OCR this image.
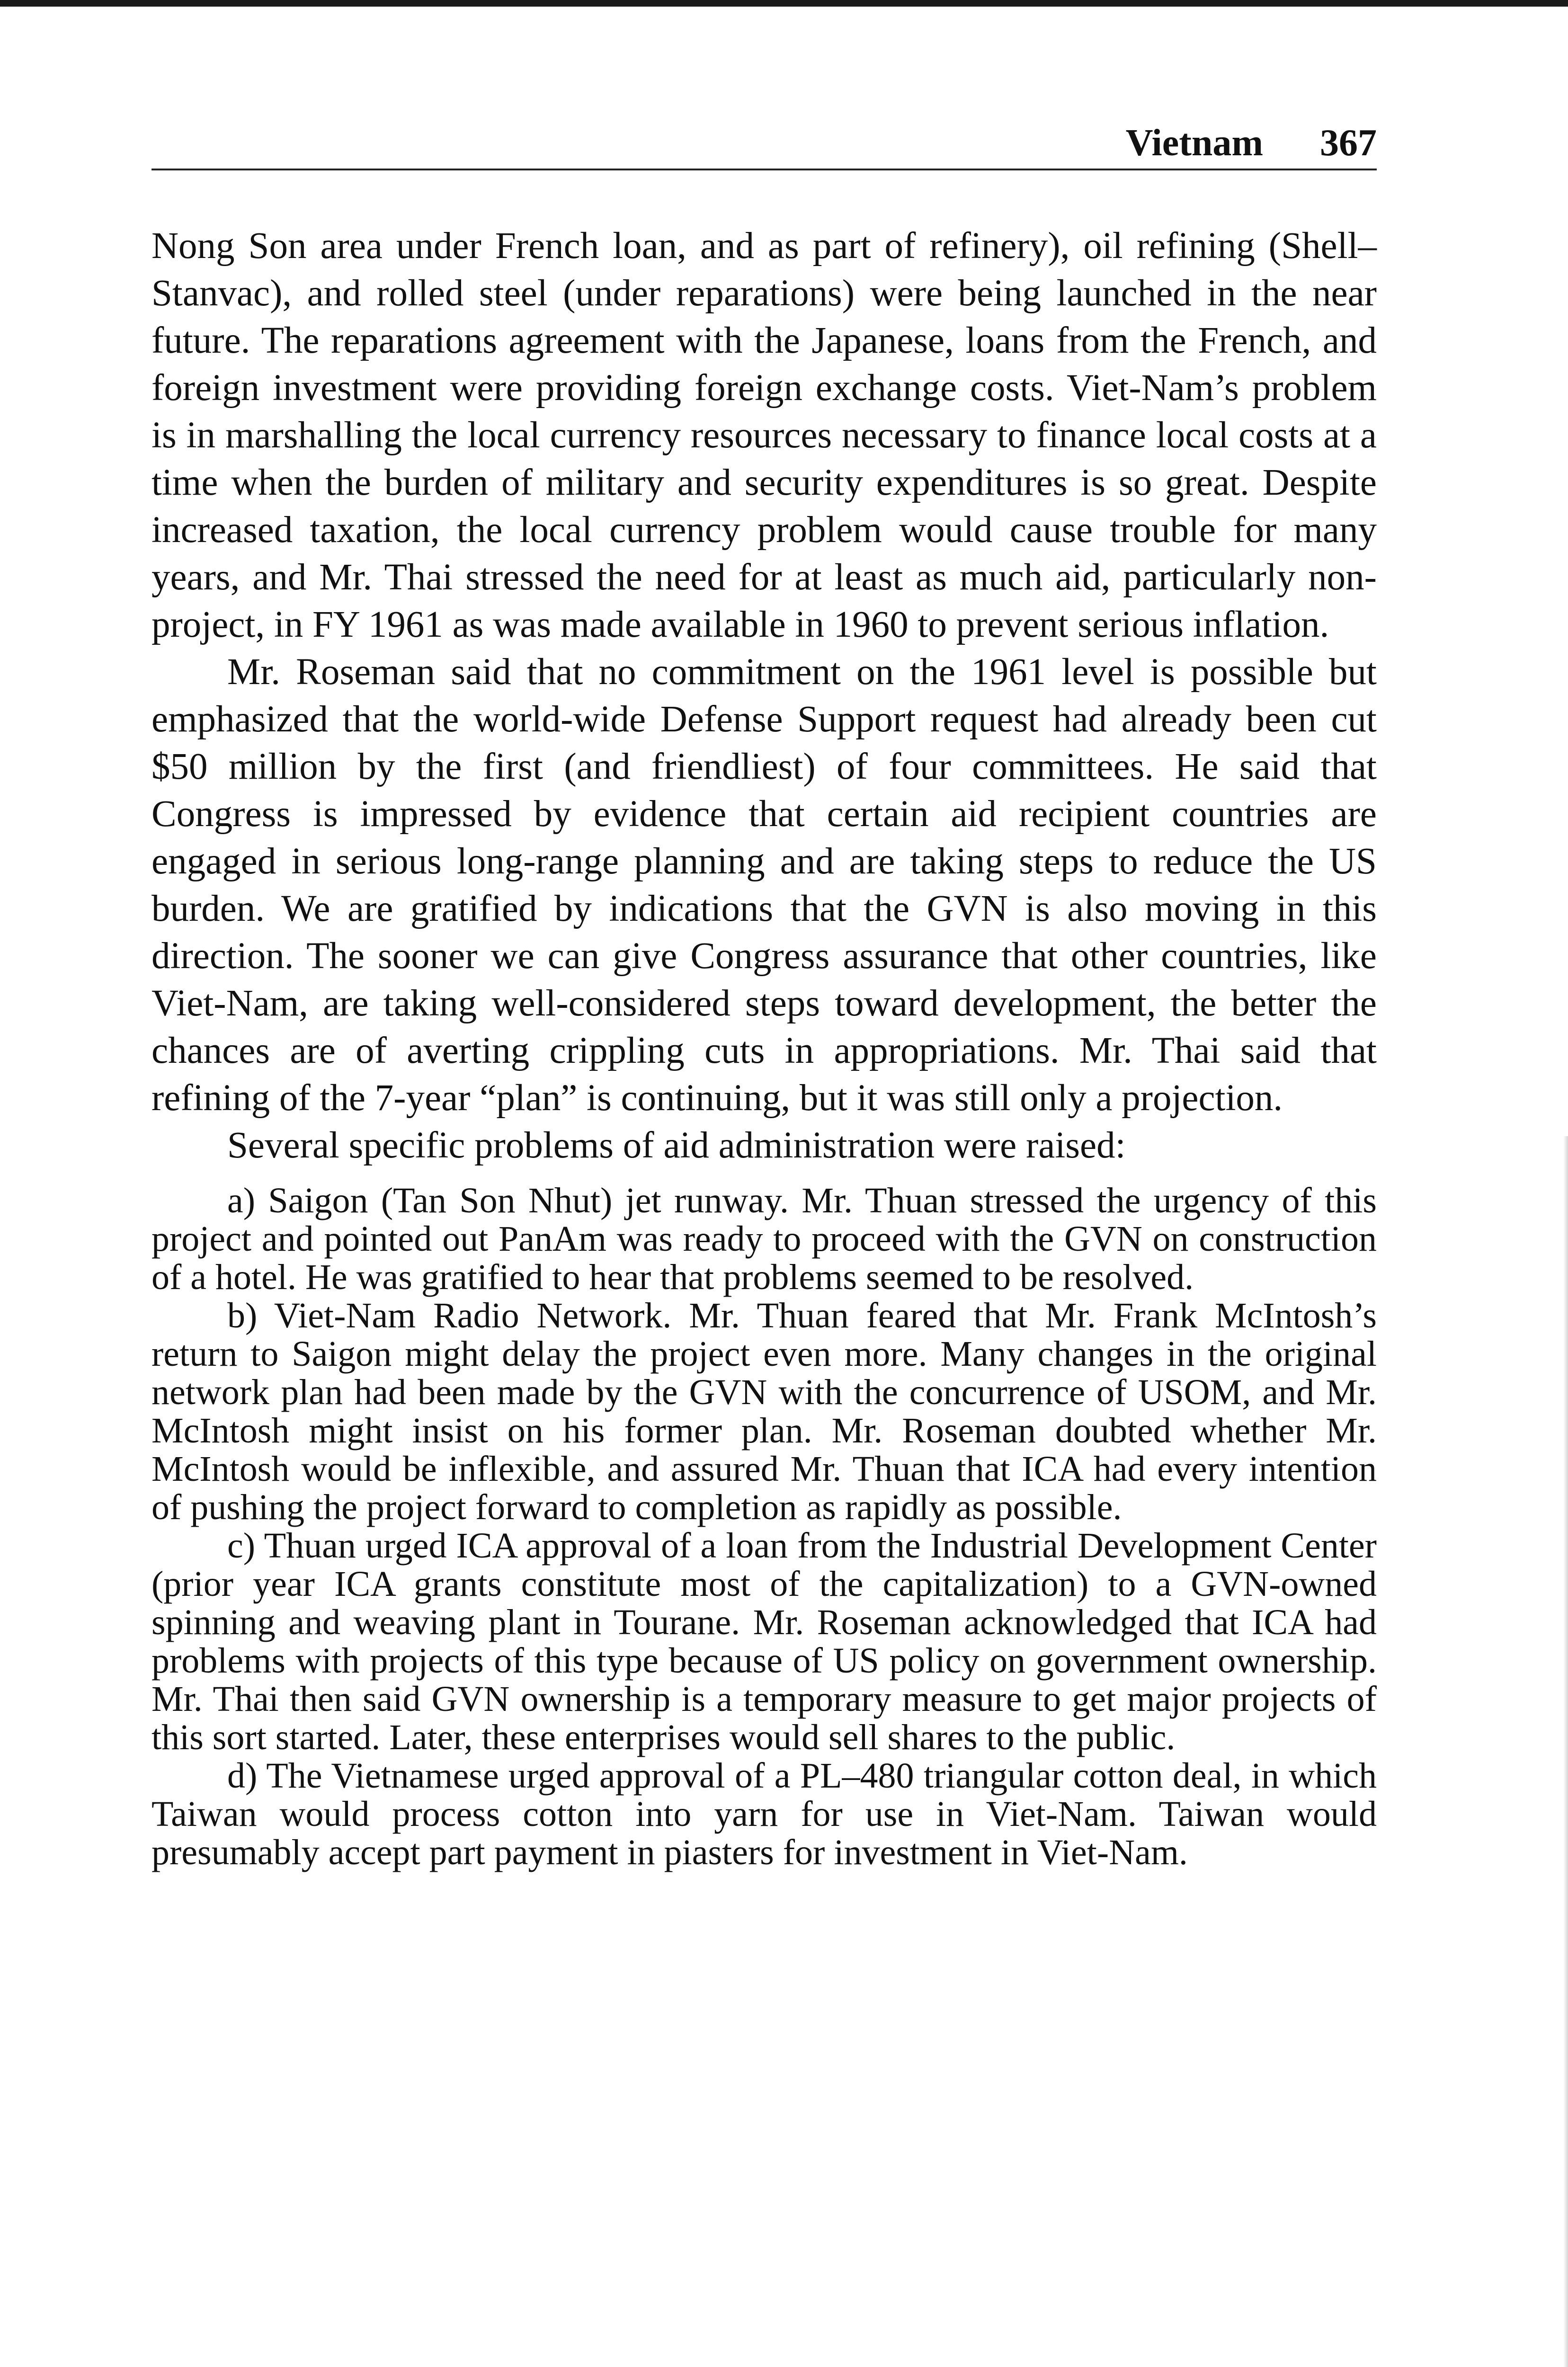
Vietnam 367

Nong Son area under French loan, and as part of refinery), oil refining (Shell–Stanvac), and rolled steel (under reparations) were being launched in the near future. The reparations agreement with the Japanese, loans from the French, and foreign investment were providing foreign exchange costs. Viet-Nam’s problem is in marshalling the local currency resources necessary to finance local costs at a time when the burden of military and security expenditures is so great. Despite increased taxation, the local currency problem would cause trouble for many years, and Mr. Thai stressed the need for at least as much aid, particularly non-project, in FY 1961 as was made available in 1960 to prevent serious inflation.

Mr. Roseman said that no commitment on the 1961 level is possible but emphasized that the world-wide Defense Support request had already been cut $50 million by the first (and friendliest) of four committees. He said that Congress is impressed by evidence that certain aid recipient countries are engaged in serious long-range planning and are taking steps to reduce the US burden. We are gratified by indications that the GVN is also moving in this direction. The sooner we can give Congress assurance that other countries, like Viet-Nam, are taking well-considered steps toward development, the better the chances are of averting crippling cuts in appropriations. Mr. Thai said that refining of the 7-year “plan” is continuing, but it was still only a projection.

Several specific problems of aid administration were raised:

a) Saigon (Tan Son Nhut) jet runway. Mr. Thuan stressed the urgency of this project and pointed out PanAm was ready to proceed with the GVN on construction of a hotel. He was gratified to hear that problems seemed to be resolved.

b) Viet-Nam Radio Network. Mr. Thuan feared that Mr. Frank McIntosh’s return to Saigon might delay the project even more. Many changes in the original network plan had been made by the GVN with the concurrence of USOM, and Mr. McIntosh might insist on his former plan. Mr. Roseman doubted whether Mr. McIntosh would be inflexible, and assured Mr. Thuan that ICA had every intention of pushing the project forward to completion as rapidly as possible.

c) Thuan urged ICA approval of a loan from the Industrial Development Center (prior year ICA grants constitute most of the capitalization) to a GVN-owned spinning and weaving plant in Tourane. Mr. Roseman acknowledged that ICA had problems with projects of this type because of US policy on government ownership. Mr. Thai then said GVN ownership is a temporary measure to get major projects of this sort started. Later, these enterprises would sell shares to the public.

d) The Vietnamese urged approval of a PL–480 triangular cotton deal, in which Taiwan would process cotton into yarn for use in Viet-Nam. Taiwan would presumably accept part payment in piasters for investment in Viet-Nam.
